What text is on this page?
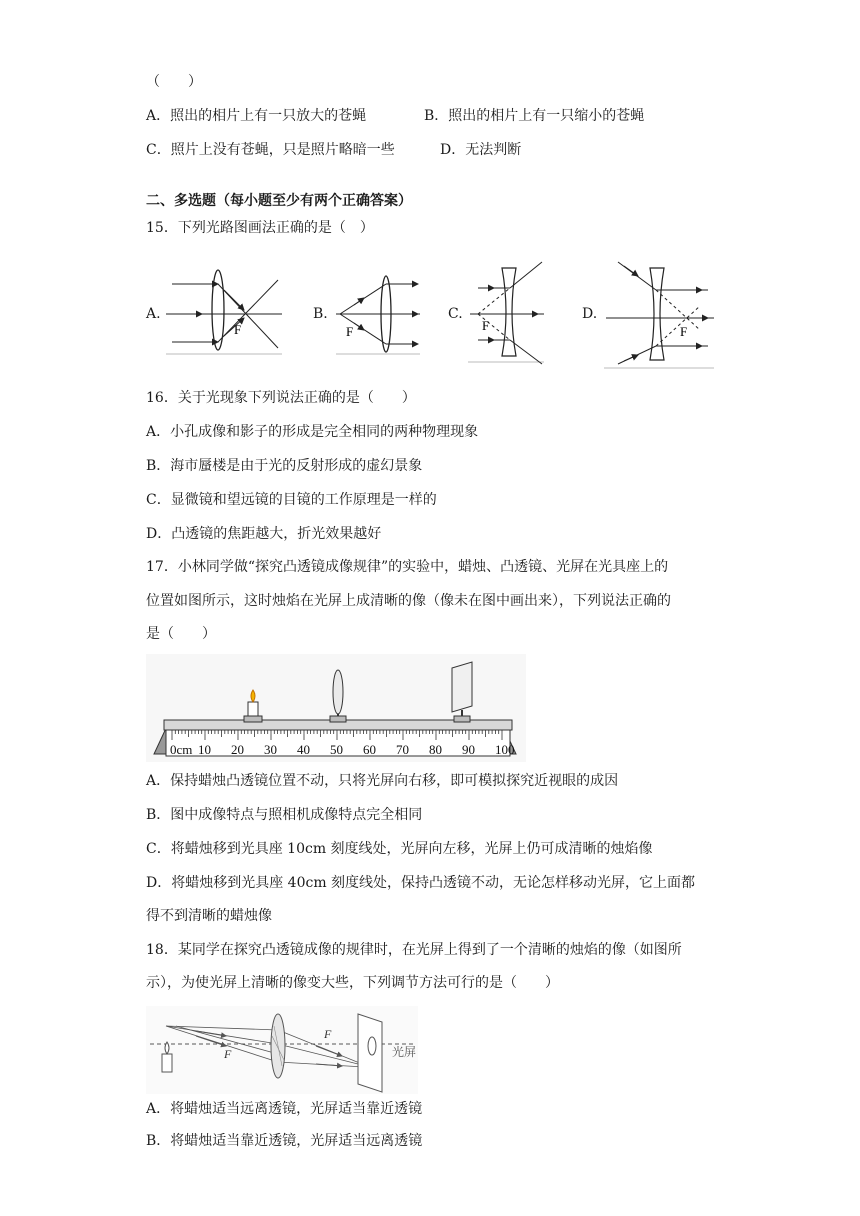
（　　）
A．照出的相片上有一只放大的苍蝇	B．照出的相片上有一只缩小的苍蝇
C．照片上没有苍蝇，只是照片略暗一些	D．无法判断
二、多选题（每小题至少有两个正确答案）
15．下列光路图画法正确的是（　）
A.	B.	C.	D.
F	F	F	F
16．关于光现象下列说法正确的是（　　）
A．小孔成像和影子的形成是完全相同的两种物理现象
B．海市蜃楼是由于光的反射形成的虚幻景象
C．显微镜和望远镜的目镜的工作原理是一样的
D．凸透镜的焦距越大，折光效果越好
17．小林同学做“探究凸透镜成像规律”的实验中，蜡烛、凸透镜、光屏在光具座上的
位置如图所示，这时烛焰在光屏上成清晰的像（像未在图中画出来），下列说法正确的
是（　　）
0cm 10 20 30 40 50 60 70 80 90 100
A．保持蜡烛凸透镜位置不动，只将光屏向右移，即可模拟探究近视眼的成因
B．图中成像特点与照相机成像特点完全相同
C．将蜡烛移到光具座 10cm 刻度线处，光屏向左移，光屏上仍可成清晰的烛焰像
D．将蜡烛移到光具座 40cm 刻度线处，保持凸透镜不动，无论怎样移动光屏，它上面都
得不到清晰的蜡烛像
18．某同学在探究凸透镜成像的规律时，在光屏上得到了一个清晰的烛焰的像（如图所
示），为使光屏上清晰的像变大些，下列调节方法可行的是（　　）
F
F	光屏
A．将蜡烛适当远离透镜，光屏适当靠近透镜
B．将蜡烛适当靠近透镜，光屏适当远离透镜
